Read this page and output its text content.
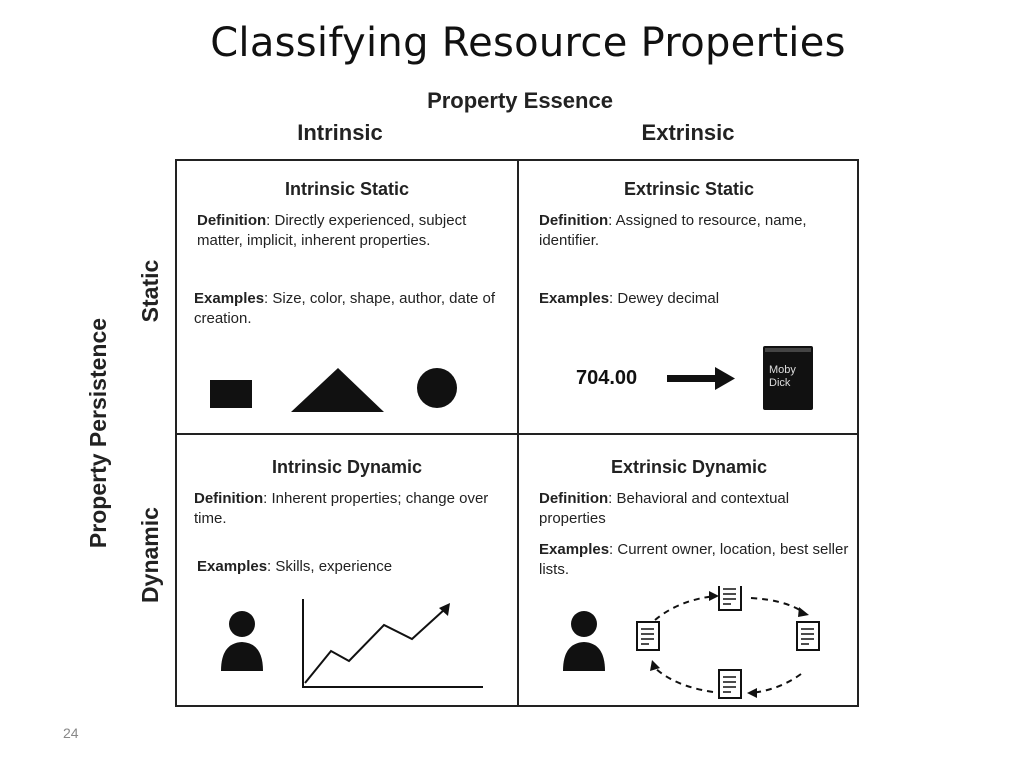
Classifying Resource Properties
Property Essence
Intrinsic	Extrinsic
Property Persistence
Static
Dynamic
Intrinsic Static
Definition: Directly experienced, subject matter, implicit, inherent properties.
Examples: Size, color, shape, author, date of creation.
Extrinsic Static
Definition: Assigned to resource, name, identifier.
Examples: Dewey decimal
704.00	Moby
Dick
Intrinsic Dynamic
Definition: Inherent properties; change over time.
Examples: Skills, experience
Extrinsic Dynamic
Definition: Behavioral and contextual properties
Examples: Current owner, location, best seller lists.
24
